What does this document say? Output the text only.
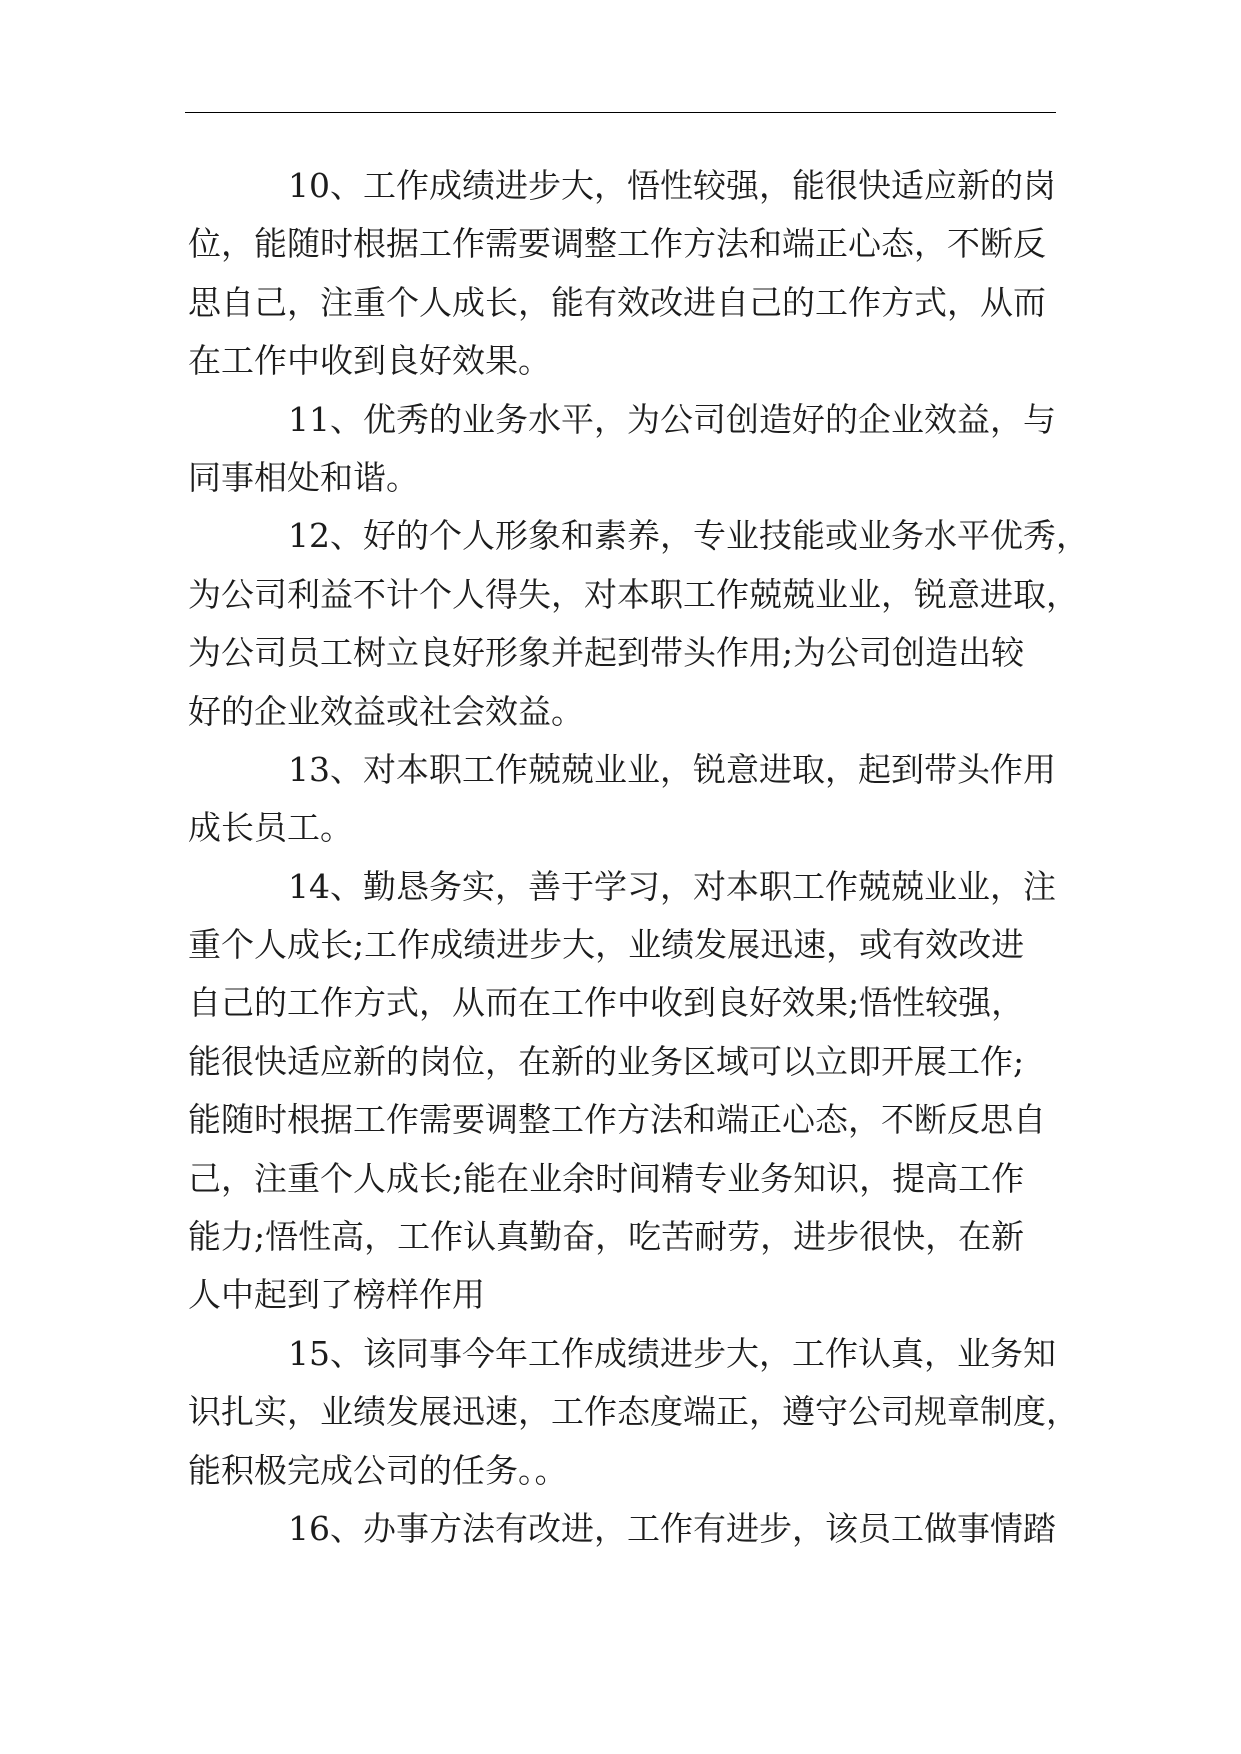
10、工作成绩进步大，悟性较强，能很快适应新的岗
位，能随时根据工作需要调整工作方法和端正心态，不断反
思自己，注重个人成长，能有效改进自己的工作方式，从而
在工作中收到良好效果。
11、优秀的业务水平，为公司创造好的企业效益，与
同事相处和谐。
12、好的个人形象和素养，专业技能或业务水平优秀，
为公司利益不计个人得失，对本职工作兢兢业业，锐意进取，
为公司员工树立良好形象并起到带头作用;为公司创造出较
好的企业效益或社会效益。
13、对本职工作兢兢业业，锐意进取，起到带头作用
成长员工。
14、勤恳务实，善于学习，对本职工作兢兢业业，注
重个人成长;工作成绩进步大，业绩发展迅速，或有效改进
自己的工作方式，从而在工作中收到良好效果;悟性较强，
能很快适应新的岗位，在新的业务区域可以立即开展工作;
能随时根据工作需要调整工作方法和端正心态，不断反思自
己，注重个人成长;能在业余时间精专业务知识，提高工作
能力;悟性高，工作认真勤奋，吃苦耐劳，进步很快，在新
人中起到了榜样作用
15、该同事今年工作成绩进步大，工作认真，业务知
识扎实，业绩发展迅速，工作态度端正，遵守公司规章制度，
能积极完成公司的任务。。
16、办事方法有改进，工作有进步，该员工做事情踏
